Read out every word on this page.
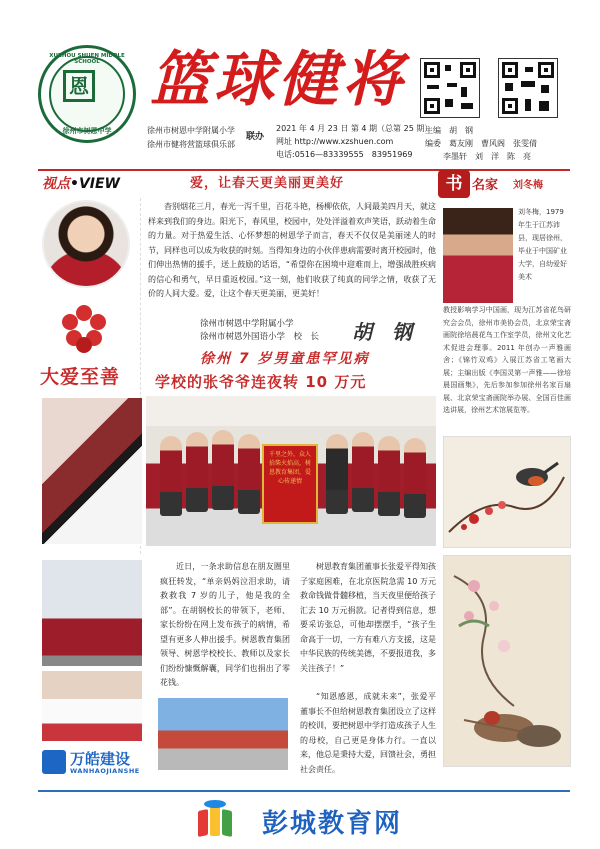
XUZHOU SHUEN MIDDLE SCHOOL
恩
徐州市树恩中学
篮球健将
徐州市树恩中学附属小学
徐州市健将营篮球俱乐部
联办
2021 年 4 月 23 日 第 4 期（总第 25 期）
网址 http://www.xzshuen.com
电话:0516—83339555　83951969
主编　胡　钢
编委　葛友刚　曹风阁　张雯倩
李墨轩　刘　洋　陈　亮
视点•VIEW	爱，让春天更美丽更美好
杳别烟花三月，春光一泻千里，百花斗艳，杨柳依依，人间最美四月天，就这样来到我们的身边。阳光下，春风里，校园中，处处洋溢着欢声笑语，跃动着生命的力量。对于热爱生活、心怀梦想的树恩学子而言，春天不仅仅是美丽迷人的时节，同样也可以成为收获的时刻。当得知身边的小伙伴患病需要时离开校园时，他们伸出热情的援手，送上鼓励的话语，“希望你在困境中迎难而上，增强战胜疾病的信心和勇气，早日重返校园。”这一刻，他们收获了纯真的同学之情，收获了无价的人间大爱。爱，让这个春天更美丽，更美好！
徐州市树恩中学附属小学
徐州市树恩外国语小学　校　长 胡　钢
书 名家 刘冬梅
刘冬梅，1979 年生于江苏沛县，现居徐州，毕业于中国矿业大学，自幼爱好美术
教授影响学习中国画，现为江苏省花鸟研究会会员，徐州市美协会员，北京荣宝斋画院徐培晨花鸟工作室学员，徐州文化艺术促进会理事。2011 年创办一声雅画舍；《锦竹双鸡》入展江苏省工笔画大展；主编出版《李国灵第一声雅——徐培晨国画集》，先后参加参加徐州名家百扇展、北京荣宝斋画院举办展、全国百佳画选讲展，徐州艺术馆展览等。
大爱至善
徐州 7 岁男童患罕见病
学校的张爷爷连夜转 10 万元
千里之外，众人拾柴火焰高，树恩教育集团，爱心传递情
近日，一条求助信息在朋友圈里疯狂转发，“单亲妈妈泣泪求助，请救救我 7 岁的儿子，他是我的全部”。在胡钢校长的带领下，老师、家长纷纷在网上发布孩子的病情，希望有更多人伸出援手。树恩教育集团领导、树恩学校校长、教师以及家长们纷纷慷慨解囊，同学们也捐出了零花钱。
树恩教育集团董事长张爱平得知孩子家庭困难，在北京医院急需 10 万元救命钱做骨髓移植，当天夜里便给孩子汇去 10 万元捐款。记者得到信息，想要采访张总，可他却摆摆手，“孩子生命高于一切，一方有难八方支援，这是中华民族的传统美德，不要报道我，多关注孩子！”
“知恩感恩，成就未来”，张爱平董事长不但给树恩教育集团设立了这样的校训，要把树恩中学打造成孩子人生的母校，自己更是身体力行。一直以来，他总是秉持大爱，回馈社会，勇担社会责任。
万皓建设
WANHAOJIANSHE
彭城教育网
